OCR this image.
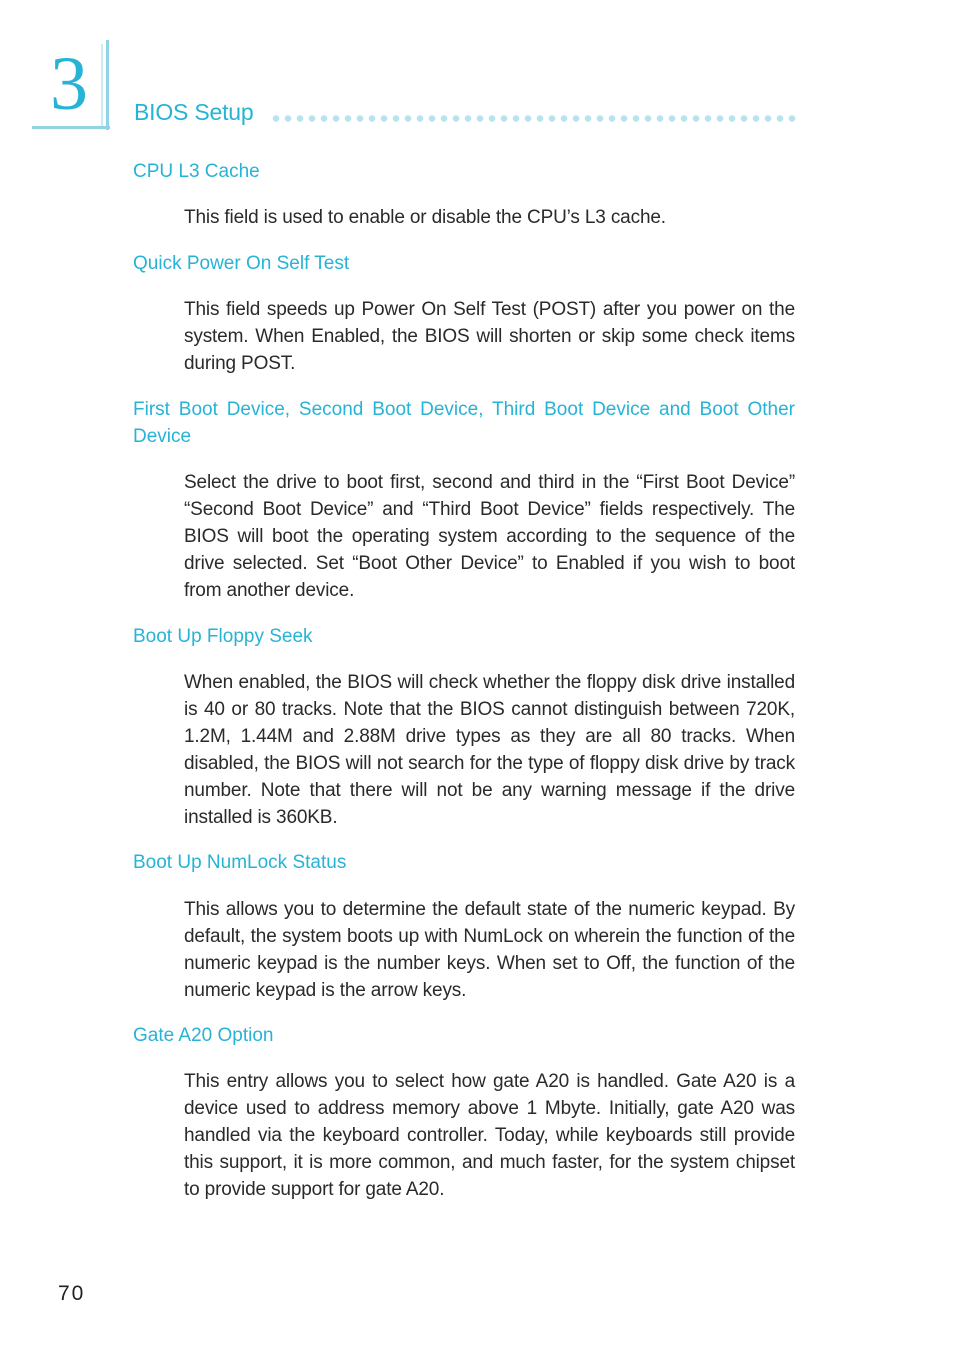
3 BIOS Setup
CPU L3 Cache
This field is used to enable or disable the CPU’s L3 cache.
Quick Power On Self Test
This field speeds up Power On Self Test (POST) after you power on the system. When Enabled, the BIOS will shorten or skip some check items during POST.
First Boot Device, Second Boot Device, Third Boot Device and Boot Other Device
Select the drive to boot first, second and third in the “First Boot Device” “Second Boot Device” and “Third Boot Device” fields respectively. The BIOS will boot the operating system according to the sequence of the drive selected. Set “Boot Other Device” to Enabled if you wish to boot from another device.
Boot Up Floppy Seek
When enabled, the BIOS will check whether the floppy disk drive installed is 40 or 80 tracks. Note that the BIOS cannot distinguish between 720K, 1.2M, 1.44M and 2.88M drive types as they are all 80 tracks. When disabled, the BIOS will not search for the type of floppy disk drive by track number. Note that there will not be any warning message if the drive installed is 360KB.
Boot Up NumLock Status
This allows you to determine the default state of the numeric keypad. By default, the system boots up with NumLock on wherein the function of the numeric keypad is the number keys. When set to Off, the function of the numeric keypad is the arrow keys.
Gate A20 Option
This entry allows you to select how gate A20 is handled. Gate A20 is a device used to address memory above 1 Mbyte. Initially, gate A20 was handled via the keyboard controller. Today, while keyboards still provide this support, it is more common, and much faster, for the system chipset to provide support for gate A20.
70
